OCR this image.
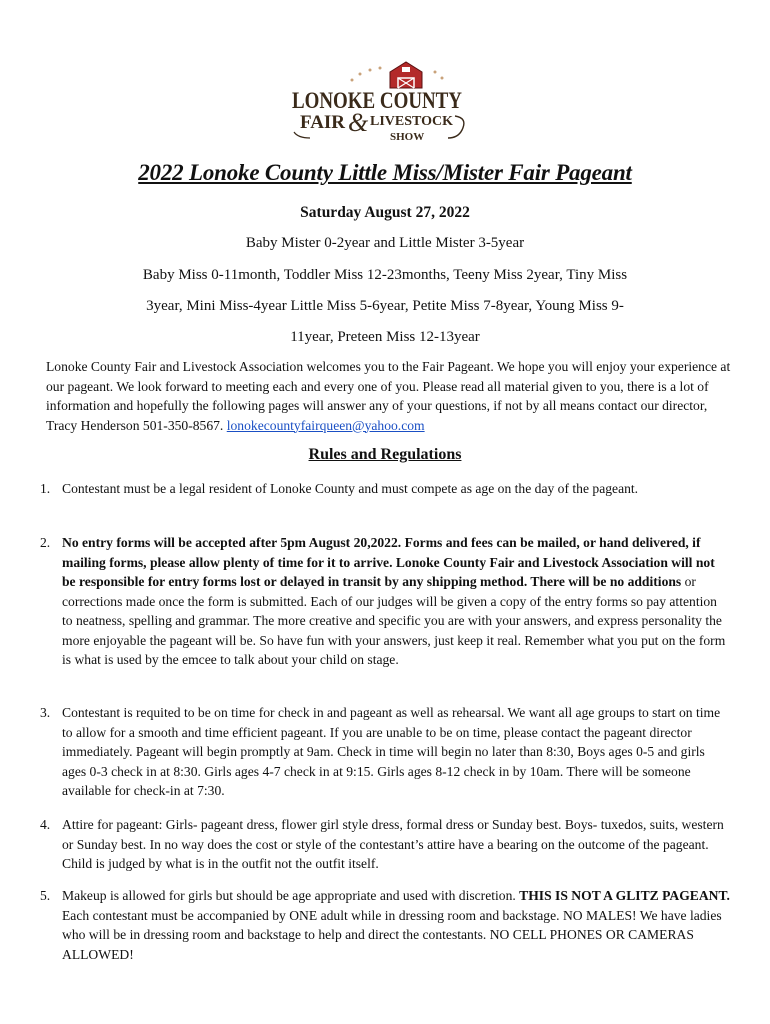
LONOKE COUNTY
FAIR & LIVESTOCK
SHOW
2022 Lonoke County Little Miss/Mister Fair Pageant
Saturday August 27, 2022
Baby Mister 0-2year and Little Mister 3-5year
Baby Miss 0-11month, Toddler Miss 12-23months, Teeny Miss 2year, Tiny Miss
3year, Mini Miss-4year Little Miss 5-6year, Petite Miss 7-8year, Young Miss 9-
11year, Preteen Miss 12-13year
Lonoke County Fair and Livestock Association welcomes you to the Fair Pageant. We hope you will enjoy your experience at our pageant. We look forward to meeting each and every one of you. Please read all material given to you, there is a lot of information and hopefully the following pages will answer any of your questions, if not by all means contact our director, Tracy Henderson 501-350-8567. lonokecountyfairqueen@yahoo.com
Rules and Regulations
1. Contestant must be a legal resident of Lonoke County and must compete as age on the day of the pageant.
2. No entry forms will be accepted after 5pm August 20,2022. Forms and fees can be mailed, or hand delivered, if mailing forms, please allow plenty of time for it to arrive. Lonoke County Fair and Livestock Association will not be responsible for entry forms lost or delayed in transit by any shipping method. There will be no additions or corrections made once the form is submitted. Each of our judges will be given a copy of the entry forms so pay attention to neatness, spelling and grammar. The more creative and specific you are with your answers, and express personality the more enjoyable the pageant will be. So have fun with your answers, just keep it real. Remember what you put on the form is what is used by the emcee to talk about your child on stage.
3. Contestant is requited to be on time for check in and pageant as well as rehearsal. We want all age groups to start on time to allow for a smooth and time efficient pageant. If you are unable to be on time, please contact the pageant director immediately. Pageant will begin promptly at 9am. Check in time will begin no later than 8:30, Boys ages 0-5 and girls ages 0-3 check in at 8:30. Girls ages 4-7 check in at 9:15. Girls ages 8-12 check in by 10am. There will be someone available for check-in at 7:30.
4. Attire for pageant: Girls- pageant dress, flower girl style dress, formal dress or Sunday best. Boys- tuxedos, suits, western or Sunday best. In no way does the cost or style of the contestant’s attire have a bearing on the outcome of the pageant. Child is judged by what is in the outfit not the outfit itself.
5. Makeup is allowed for girls but should be age appropriate and used with discretion. THIS IS NOT A GLITZ PAGEANT. Each contestant must be accompanied by ONE adult while in dressing room and backstage. NO MALES! We have ladies who will be in dressing room and backstage to help and direct the contestants. NO CELL PHONES OR CAMERAS ALLOWED!
